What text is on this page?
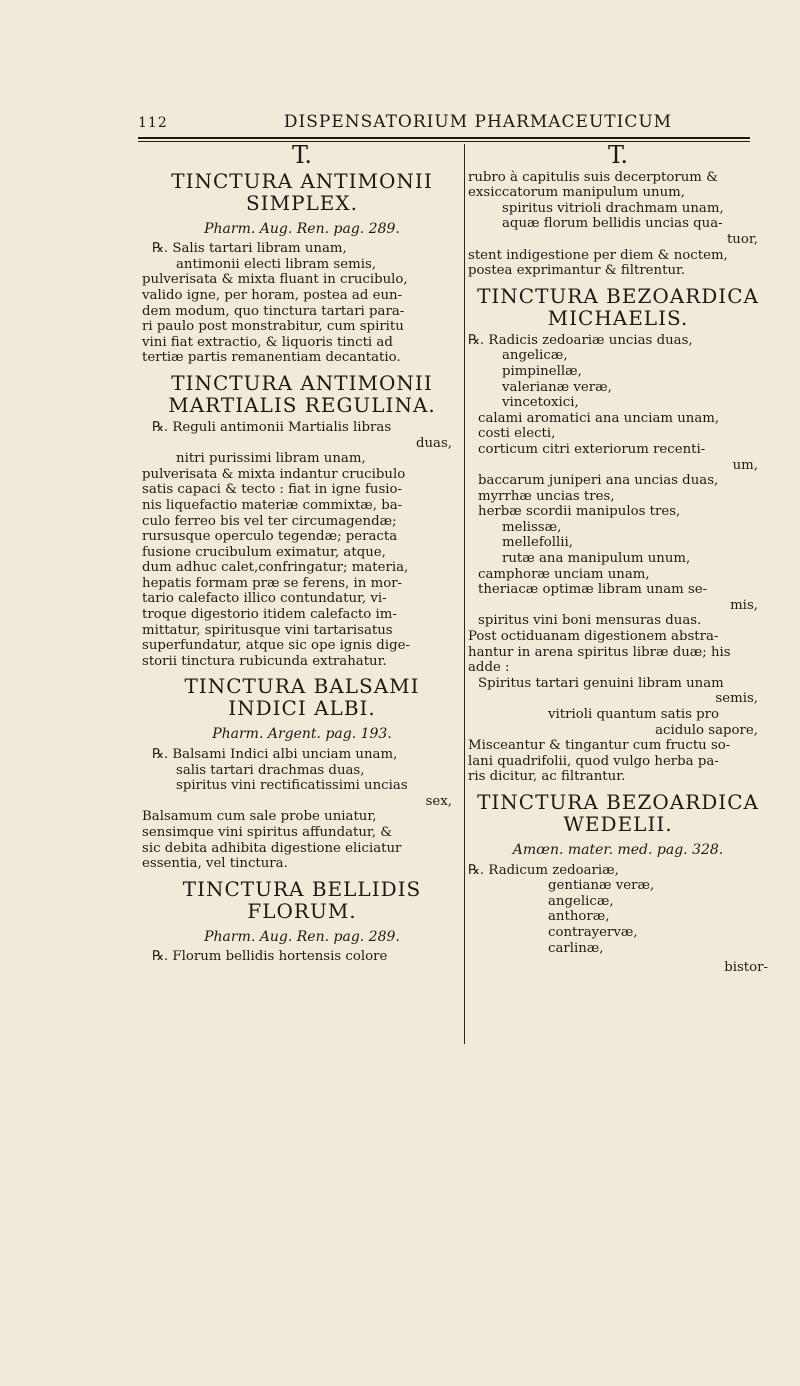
112	DISPENSATORIUM PHARMACEUTICUM
T.
TINCTURA ANTIMONII
SIMPLEX.
Pharm. Aug. Ren. pag. 289.
℞. Salis tartari libram unam,
antimonii electi libram semis,
pulverisata & mixta fluant in crucibulo,
valido igne, per horam, postea ad eun-
dem modum, quo tinctura tartari para-
ri paulo post monstrabitur, cum spiritu
vini fiat extractio, & liquoris tincti ad
tertiæ partis remanentiam decantatio.
TINCTURA ANTIMONII
MARTIALIS REGULINA.
℞. Reguli antimonii Martialis libras
duas,
nitri purissimi libram unam,
pulverisata & mixta indantur crucibulo
satis capaci & tecto : fiat in igne fusio-
nis liquefactio materiæ commixtæ, ba-
culo ferreo bis vel ter circumagendæ;
rursusque operculo tegendæ; peracta
fusione crucibulum eximatur, atque,
dum adhuc calet,confringatur; materia,
hepatis formam præ se ferens, in mor-
tario calefacto illico contundatur, vi-
troque digestorio itidem calefacto im-
mittatur, spiritusque vini tartarisatus
superfundatur, atque sic ope ignis dige-
storii tinctura rubicunda extrahatur.
TINCTURA BALSAMI
INDICI ALBI.
Pharm. Argent. pag. 193.
℞. Balsami Indici albi unciam unam,
salis tartari drachmas duas,
spiritus vini rectificatissimi uncias
sex,
Balsamum cum sale probe uniatur,
sensimque vini spiritus affundatur, &
sic debita adhibita digestione eliciatur
essentia, vel tinctura.
TINCTURA BELLIDIS
FLORUM.
Pharm. Aug. Ren. pag. 289.
℞. Florum bellidis hortensis colore
T.
rubro à capitulis suis decerptorum &
exsiccatorum manipulum unum,
spiritus vitrioli drachmam unam,
aquæ florum bellidis uncias qua-
tuor,
stent indigestione per diem & noctem,
postea exprimantur & filtrentur.
TINCTURA BEZOARDICA
MICHAELIS.
℞. Radicis zedoariæ uncias duas,
angelicæ,
pimpinellæ,
valerianæ veræ,
vincetoxici,
calami aromatici ana unciam unam,
costi electi,
corticum citri exteriorum recenti-
um,
baccarum juniperi ana uncias duas,
myrrhæ uncias tres,
herbæ scordii manipulos tres,
melissæ,
mellefollii,
rutæ ana manipulum unum,
camphoræ unciam unam,
theriacæ optimæ libram unam se-
mis,
spiritus vini boni mensuras duas.
Post octiduanam digestionem abstra-
hantur in arena spiritus libræ duæ; his
adde :
Spiritus tartari genuini libram unam
semis,
vitrioli quantum satis pro
acidulo sapore,
Misceantur & tingantur cum fructu so-
lani quadrifolii, quod vulgo herba pa-
ris dicitur, ac filtrantur.
TINCTURA BEZOARDICA
WEDELII.
Amœn. mater. med. pag. 328.
℞. Radicum zedoariæ,
gentianæ veræ,
angelicæ,
anthoræ,
contrayervæ,
carlinæ,
bistor-
